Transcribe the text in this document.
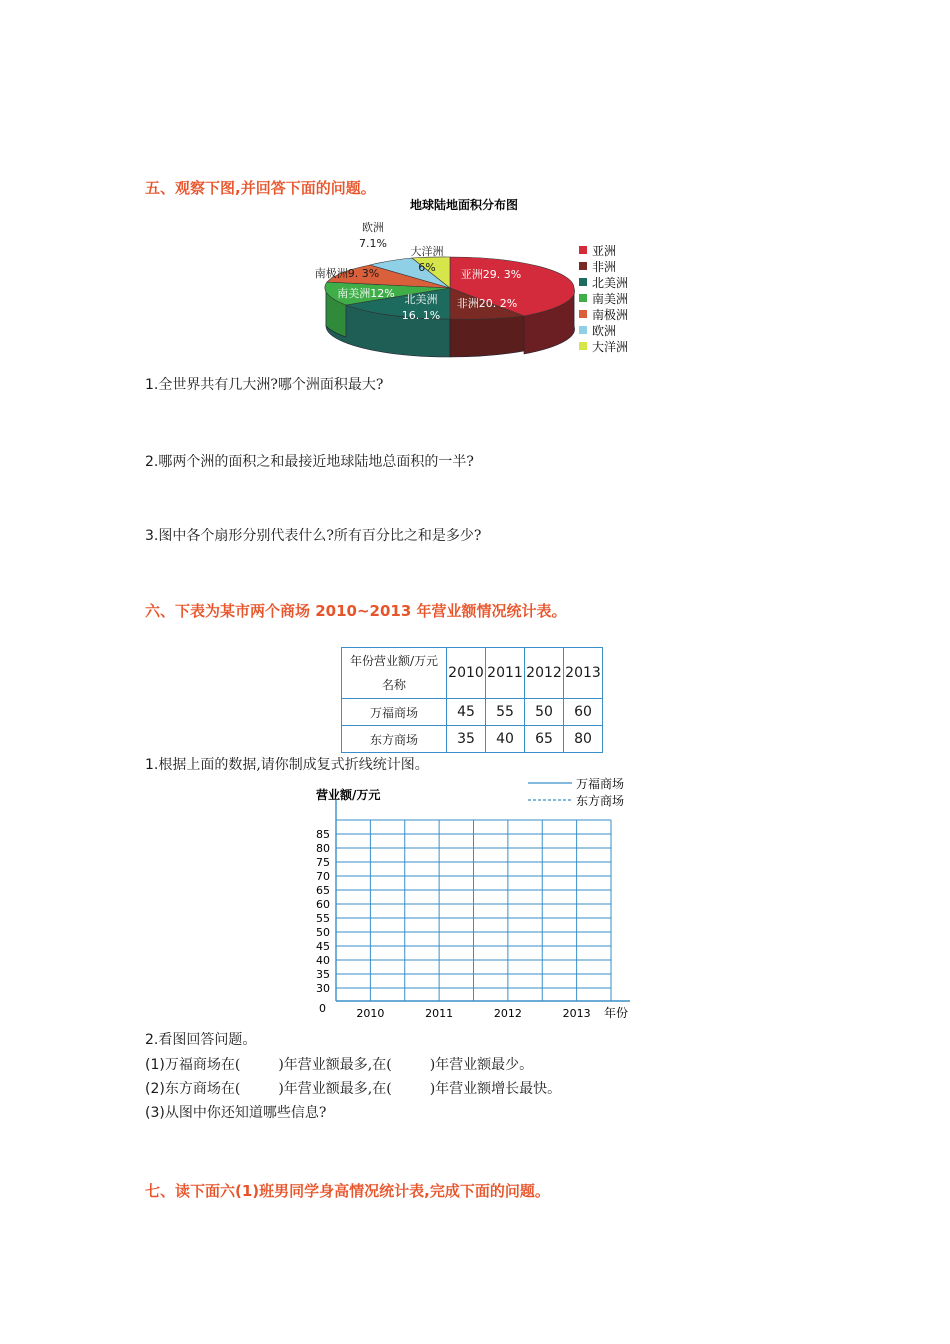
五、观察下图,并回答下面的问题。
地球陆地面积分布图
亚洲29. 3%
非洲20. 2%
北美洲
16. 1%
南美洲12%
南极洲9. 3%
欧洲
7.1%
大洋洲
6%
亚洲
非洲
北美洲
南美洲
南极洲
欧洲
大洋洲
1.全世界共有几大洲?哪个洲面积最大?
2.哪两个洲的面积之和最接近地球陆地总面积的一半?
3.图中各个扇形分别代表什么?所有百分比之和是多少?
六、下表为某市两个商场 2010~2013 年营业额情况统计表。
年份营业额/万元
名称	2010	2011	2012	2013
万福商场	45	55	50	60
东方商场	35	40	65	80
1.根据上面的数据,请你制成复式折线统计图。
营业额/万元
万福商场
东方商场
85
80
75
70
65
60
55
50
45
40
35
30
2010	2011	2012	2013
0	年份
2.看图回答问题。
(1)万福商场在(	)年营业额最多,在(	)年营业额最少。
(2)东方商场在(	)年营业额最多,在(	)年营业额增长最快。
(3)从图中你还知道哪些信息?
七、读下面六(1)班男同学身高情况统计表,完成下面的问题。
